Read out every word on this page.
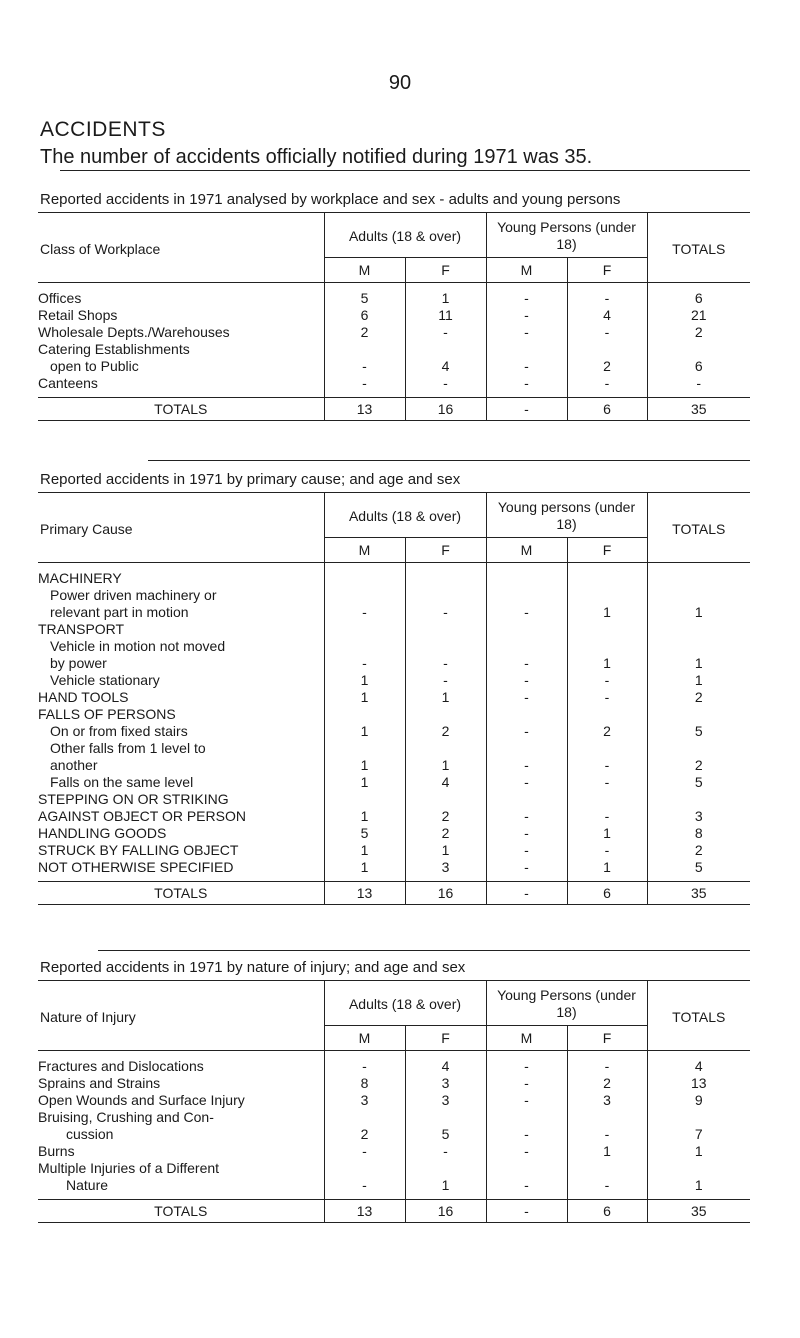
90
ACCIDENTS
The number of accidents officially notified during 1971 was 35.
Reported accidents in 1971 analysed by workplace and sex - adults and young persons
Class of Workplace	Adults (18 & over)		Young Persons (under 18)		TOTALS
	M	F	M	F	
Offices	5	1	-	-	6
Retail Shops	6	11	-	4	21
Wholesale Depts./Warehouses	2	-	-	-	2
Catering Establishments					
open to Public	-	4	-	2	6
Canteens	-	-	-	-	-
TOTALS	13	16	-	6	35
Reported accidents in 1971 by primary cause; and age and sex
Primary Cause	Adults (18 & over)		Young persons (under 18)		TOTALS
	M	F	M	F	
MACHINERY					
Power driven machinery or					
relevant part in motion	-	-	-	1	1
TRANSPORT					
Vehicle in motion not moved					
by power	-	-	-	1	1
Vehicle stationary	1	-	-	-	1
HAND TOOLS	1	1	-	-	2
FALLS OF PERSONS					
On or from fixed stairs	1	2	-	2	5
Other falls from 1 level to					
another	1	1	-	-	2
Falls on the same level	1	4	-	-	5
STEPPING ON OR STRIKING					
AGAINST OBJECT OR PERSON	1	2	-	-	3
HANDLING GOODS	5	2	-	1	8
STRUCK BY FALLING OBJECT	1	1	-	-	2
NOT OTHERWISE SPECIFIED	1	3	-	1	5
TOTALS	13	16	-	6	35
Reported accidents in 1971 by nature of injury; and age and sex
Nature of Injury	Adults (18 & over)		Young Persons (under 18)		TOTALS
	M	F	M	F	
Fractures and Dislocations	-	4	-	-	4
Sprains and Strains	8	3	-	2	13
Open Wounds and Surface Injury	3	3	-	3	9
Bruising, Crushing and Con-					
cussion	2	5	-	-	7
Burns	-	-	-	1	1
Multiple Injuries of a Different					
Nature	-	1	-	-	1
TOTALS	13	16	-	6	35
